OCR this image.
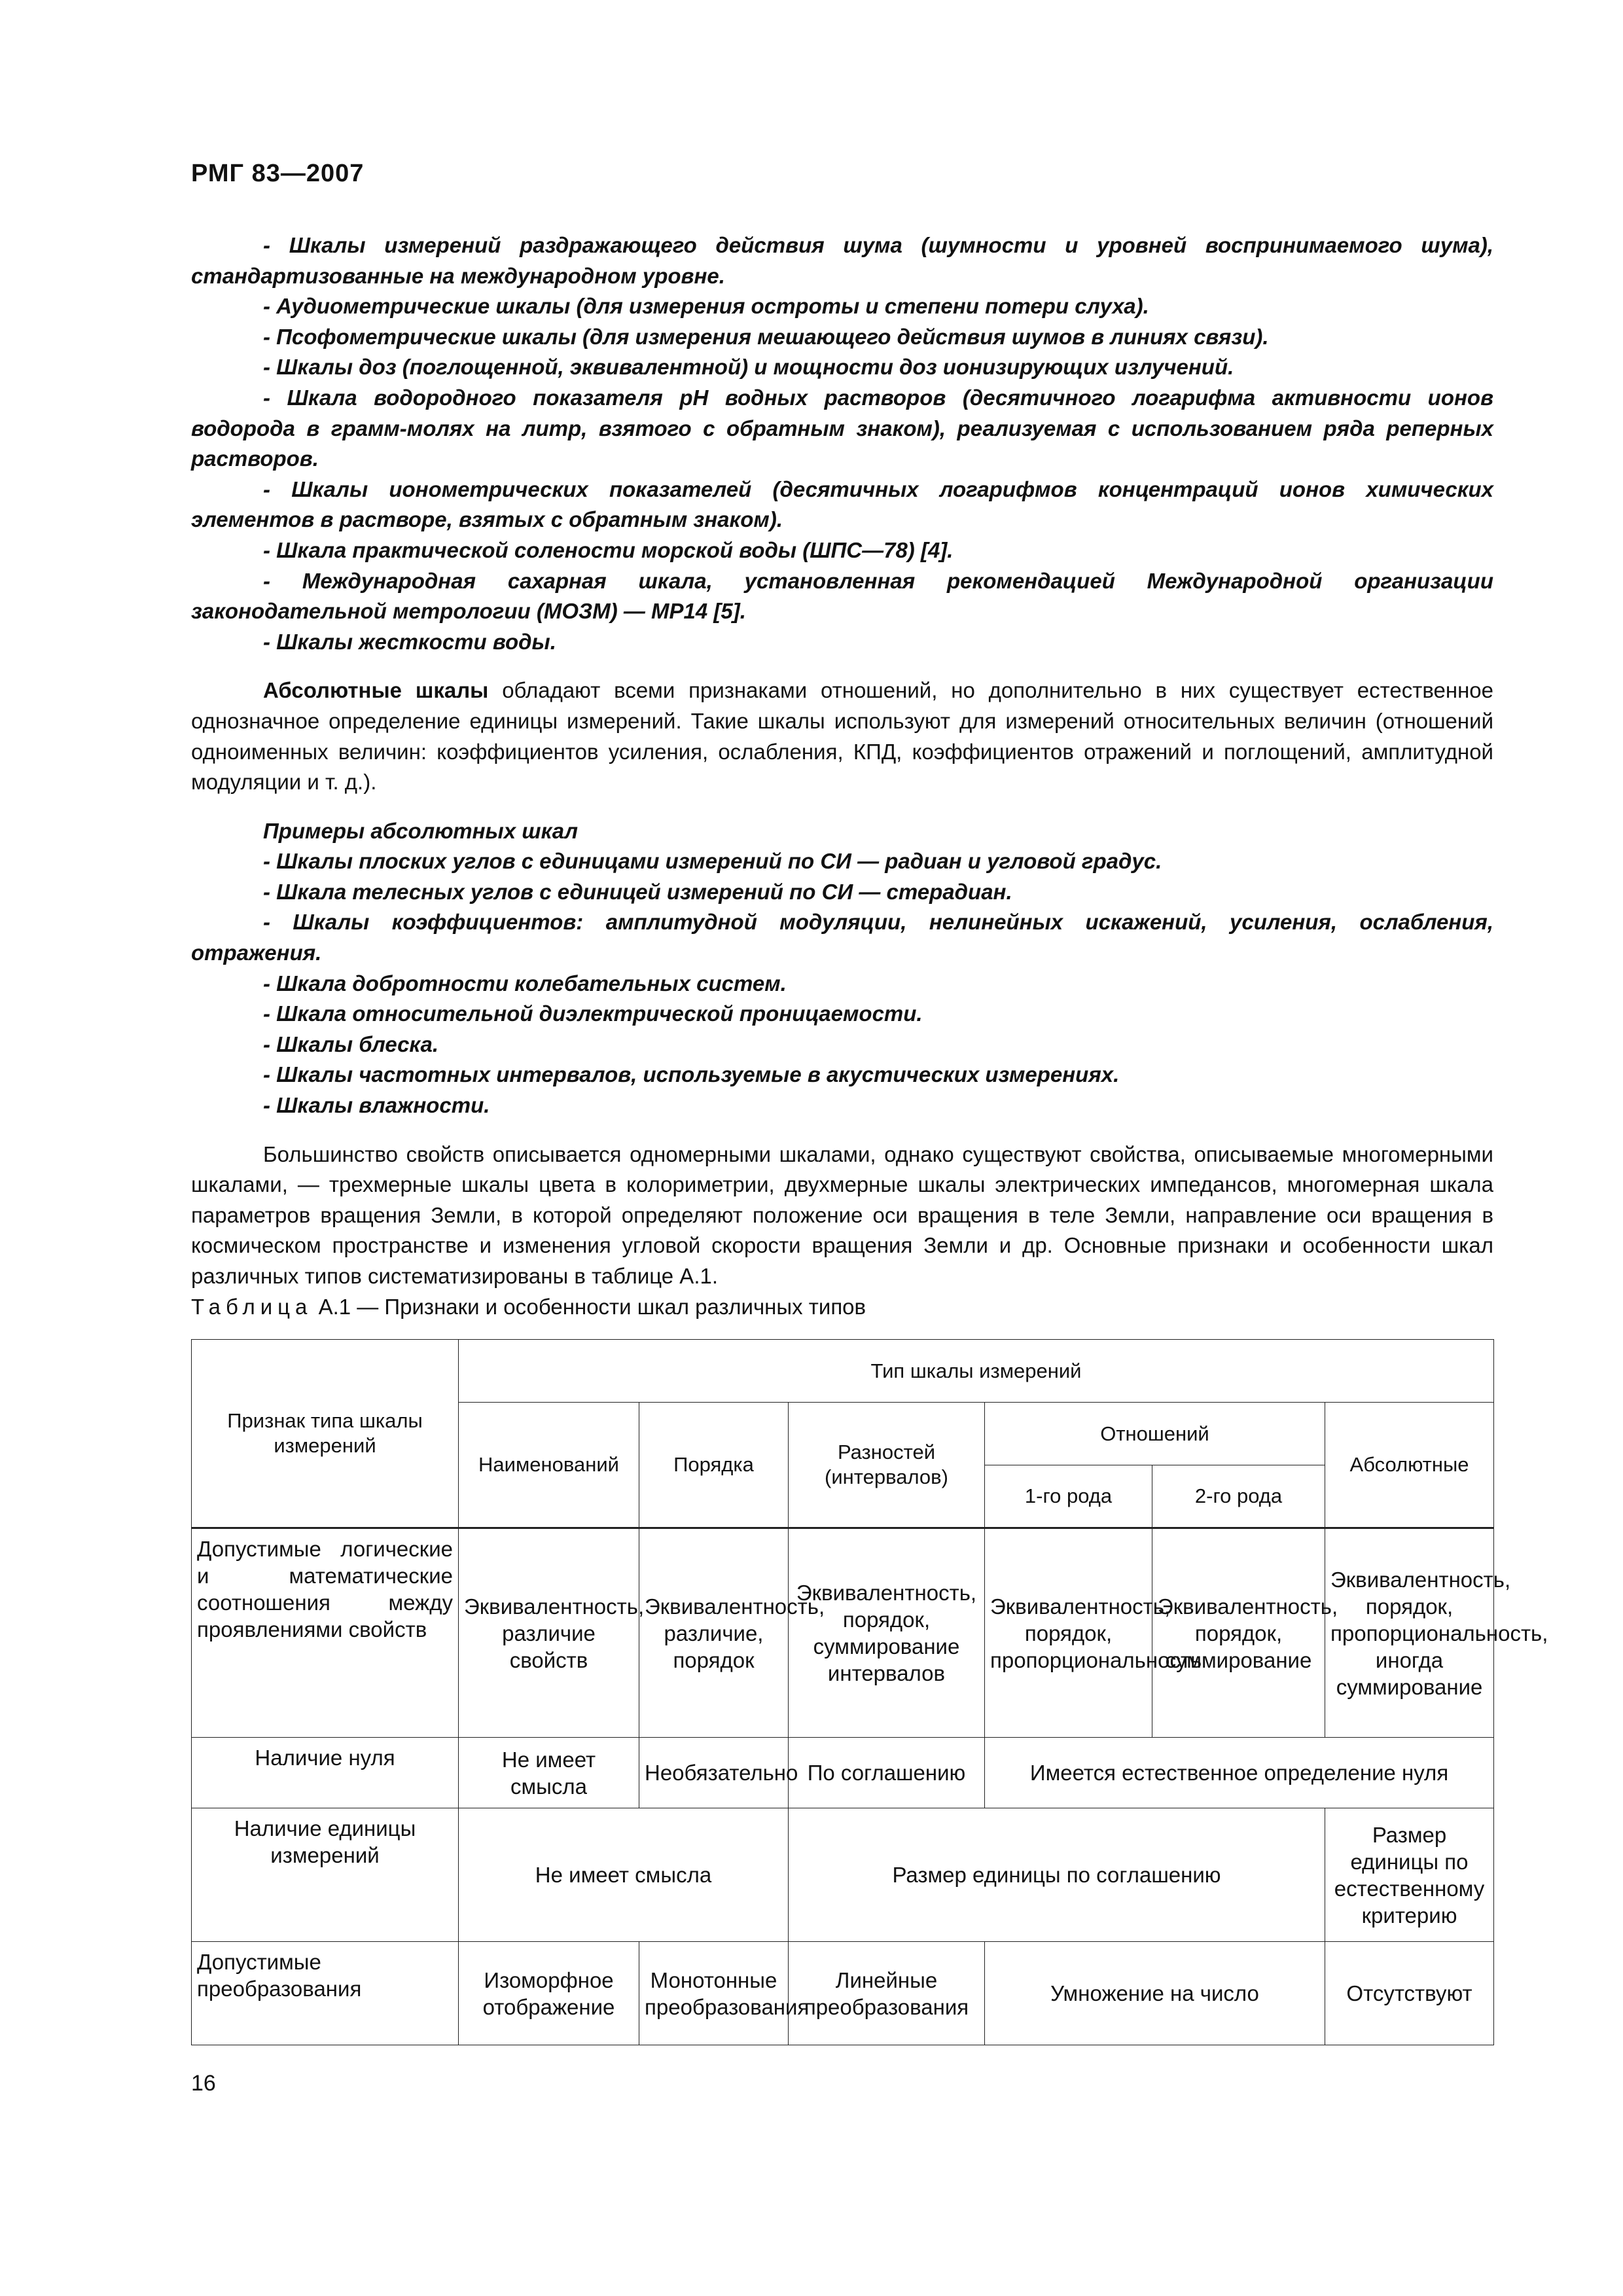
РМГ 83—2007

- Шкалы измерений раздражающего действия шума (шумности и уровней воспринимаемого шума), стандартизованные на международном уровне.

- Аудиометрические шкалы (для измерения остроты и степени потери слуха).

- Псофометрические шкалы (для измерения мешающего действия шумов в линиях связи).

- Шкалы доз (поглощенной, эквивалентной) и мощности доз ионизирующих излучений.

- Шкала водородного показателя pH водных растворов (десятичного логарифма активности ионов водорода в грамм-молях на литр, взятого с обратным знаком), реализуемая с использованием ряда реперных растворов.

- Шкалы ионометрических показателей (десятичных логарифмов концентраций ионов химических элементов в растворе, взятых с обратным знаком).

- Шкала практической солености морской воды (ШПС—78) [4].

- Международная сахарная шкала, установленная рекомендацией Международной организации законодательной метрологии (МОЗМ) — МР14 [5].

- Шкалы жесткости воды.

Абсолютные шкалы обладают всеми признаками отношений, но дополнительно в них существует естественное однозначное определение единицы измерений. Такие шкалы используют для измерений относительных величин (отношений одноименных величин: коэффициентов усиления, ослабления, КПД, коэффициентов отражений и поглощений, амплитудной модуляции и т. д.).

Примеры абсолютных шкал

- Шкалы плоских углов с единицами измерений по СИ — радиан и угловой градус.

- Шкала телесных углов с единицей измерений по СИ — стерадиан.

- Шкалы коэффициентов: амплитудной модуляции, нелинейных искажений, усиления, ослабления, отражения.

- Шкала добротности колебательных систем.

- Шкала относительной диэлектрической проницаемости.

- Шкалы блеска.

- Шкалы частотных интервалов, используемые в акустических измерениях.

- Шкалы влажности.

Большинство свойств описывается одномерными шкалами, однако существуют свойства, описываемые многомерными шкалами, — трехмерные шкалы цвета в колориметрии, двухмерные шкалы электрических импедансов, многомерная шкала параметров вращения Земли, в которой определяют положение оси вращения в теле Земли, направление оси вращения в космическом пространстве и изменения угловой скорости вращения Земли и др. Основные признаки и особенности шкал различных типов систематизированы в таблице А.1.

Таблица А.1 — Признаки и особенности шкал различных типов
Признак типа шкалы измерений	Тип шкалы измерений					
	Наименований	Порядка	Разностей (интервалов)	Отношений		Абсолютные
				1-го рода	2-го рода	
Допустимые логические и математические соотношения между проявлениями свойств	Эквивалентность, различие свойств	Эквивалентность, различие, порядок	Эквивалентность, порядок, суммирование интервалов	Эквивалентность, порядок, пропорциональность	Эквивалентность, порядок, суммирование	Эквивалентность, порядок, пропорциональность, иногда суммирование
Наличие нуля	Не имеет смысла	Необязательно	По соглашению	Имеется естественное определение нуля		
Наличие единицы измерений	Не имеет смысла		Размер единицы по соглашению			Размер единицы по естественному критерию
Допустимые преобразования	Изоморфное отображение	Монотонные преобразования	Линейные преобразования	Умножение на число		Отсутствуют
16
